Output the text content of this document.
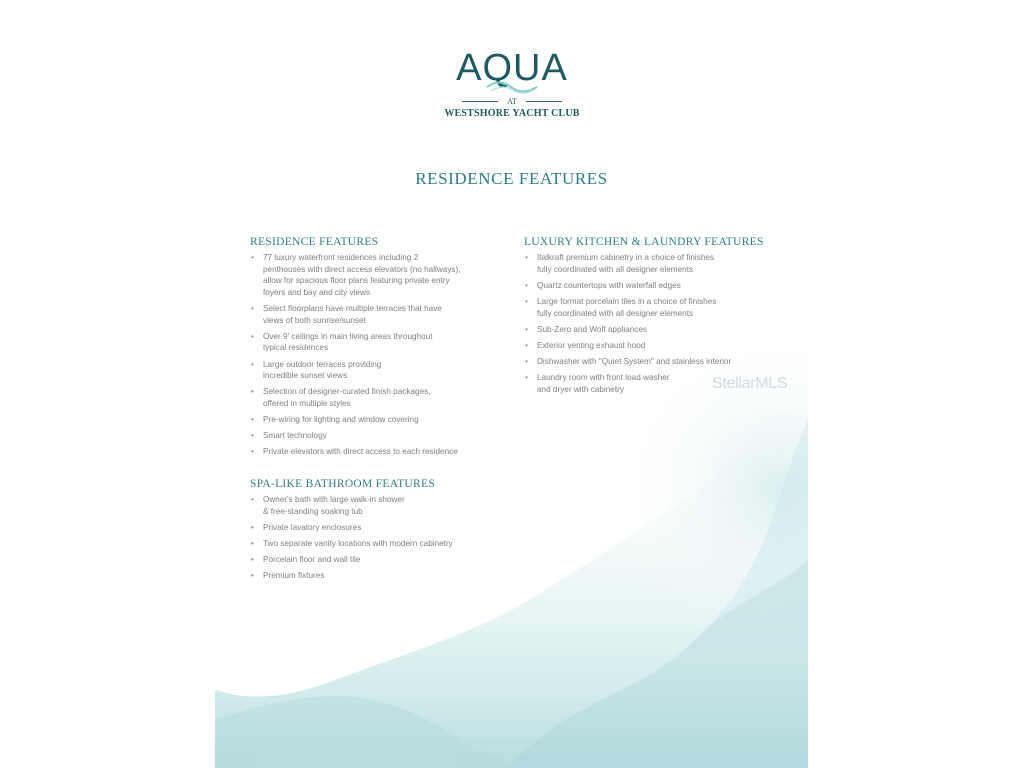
AQUA
AT
WESTSHORE YACHT CLUB
RESIDENCE FEATURES
RESIDENCE FEATURES
• 77 luxury waterfront residences including 2
penthouses with direct access elevators (no hallways),
allow for spacious floor plans featuring private entry
foyers and bay and city views
• Select floorplans have multiple terraces that have
views of both sunrise/sunset
• Over 9' ceilings in main living areas throughout
typical residences
• Large outdoor terraces providing
incredible sunset views
• Selection of designer-curated finish packages,
offered in multiple styles
• Pre-wiring for lighting and window covering
• Smart technology
• Private elevators with direct access to each residence
LUXURY KITCHEN & LAUNDRY FEATURES
• Italkraft premium cabinetry in a choice of finishes
fully coordinated with all designer elements
• Quartz countertops with waterfall edges
• Large format porcelain tiles in a choice of finishes
fully coordinated with all designer elements
• Sub-Zero and Wolf appliances
• Exterior venting exhaust hood
• Dishwasher with "Quiet System" and stainless interior
• Laundry room with front load washer
and dryer with cabinetry
SPA-LIKE BATHROOM FEATURES
• Owner's bath with large walk-in shower
& free-standing soaking tub
• Private lavatory enclosures
• Two separate vanity locations with modern cabinetry
• Porcelain floor and wall tile
• Premium fixtures
StellarMLS
